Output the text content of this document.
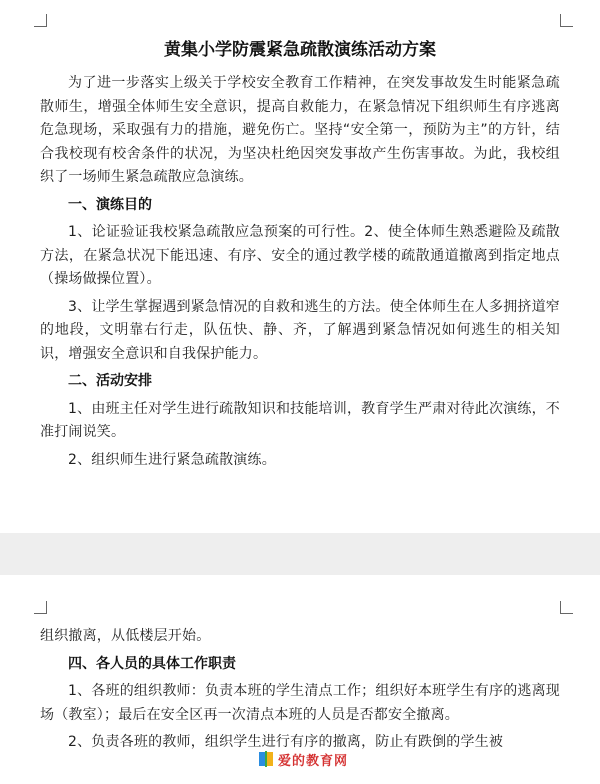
黄集小学防震紧急疏散演练活动方案

为了进一步落实上级关于学校安全教育工作精神，在突发事故发生时能紧急疏散师生，增强全体师生安全意识，提高自救能力，在紧急情况下组织师生有序逃离危急现场，采取强有力的措施，避免伤亡。坚持“安全第一，预防为主”的方针，结合我校现有校舍条件的状况，为坚决杜绝因突发事故产生伤害事故。为此，我校组织了一场师生紧急疏散应急演练。

一、演练目的

1、论证验证我校紧急疏散应急预案的可行性。2、使全体师生熟悉避险及疏散方法，在紧急状况下能迅速、有序、安全的通过教学楼的疏散通道撤离到指定地点（操场做操位置）。

3、让学生掌握遇到紧急情况的自救和逃生的方法。使全体师生在人多拥挤道窄的地段，文明靠右行走，队伍快、静、齐，了解遇到紧急情况如何逃生的相关知识，增强安全意识和自我保护能力。

二、活动安排

1、由班主任对学生进行疏散知识和技能培训，教育学生严肃对待此次演练，不准打闹说笑。

2、组织师生进行紧急疏散演练。

组织撤离，从低楼层开始。

四、各人员的具体工作职责

1、各班的组织教师：负责本班的学生清点工作；组织好本班学生有序的逃离现场（教室）；最后在安全区再一次清点本班的人员是否都安全撤离。

2、负责各班的教师，组织学生进行有序的撤离，防止有跌倒的学生被

爱的教育网
